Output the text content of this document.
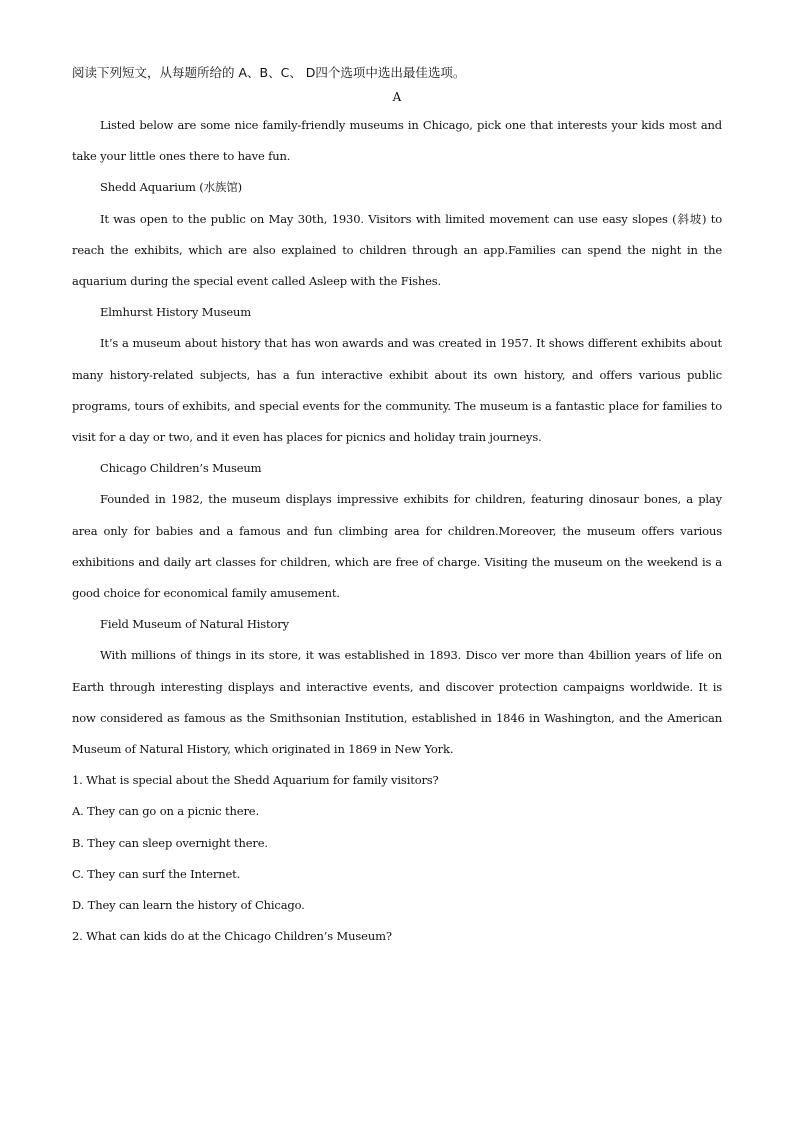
阅读下列短文，从每题所给的 A、B、C、 D四个选项中选出最佳选项。

A

Listed below are some nice family-friendly museums in Chicago, pick one that interests your kids most and take your little ones there to have fun.

Shedd Aquarium (水族馆)

It was open to the public on May 30th, 1930. Visitors with limited movement can use easy slopes (斜坡) to reach the exhibits, which are also explained to children through an app.Families can spend the night in the aquarium during the special event called Asleep with the Fishes.

Elmhurst History Museum

It’s a museum about history that has won awards and was created in 1957. It shows different exhibits about many history-related subjects, has a fun interactive exhibit about its own history, and offers various public programs, tours of exhibits, and special events for the community. The museum is a fantastic place for families to visit for a day or two, and it even has places for picnics and holiday train journeys.

Chicago Children’s Museum

Founded in 1982, the museum displays impressive exhibits for children, featuring dinosaur bones, a play area only for babies and a famous and fun climbing area for children.Moreover, the museum offers various exhibitions and daily art classes for children, which are free of charge. Visiting the museum on the weekend is a good choice for economical family amusement.

Field Museum of Natural History

With millions of things in its store, it was established in 1893. Disco ver more than 4billion years of life on Earth through interesting displays and interactive events, and discover protection campaigns worldwide. It is now considered as famous as the Smithsonian Institution, established in 1846 in Washington, and the American Museum of Natural History, which originated in 1869 in New York.

1. What is special about the Shedd Aquarium for family visitors?

A. They can go on a picnic there.

B. They can sleep overnight there.

C. They can surf the Internet.

D. They can learn the history of Chicago.

2. What can kids do at the Chicago Children’s Museum?
